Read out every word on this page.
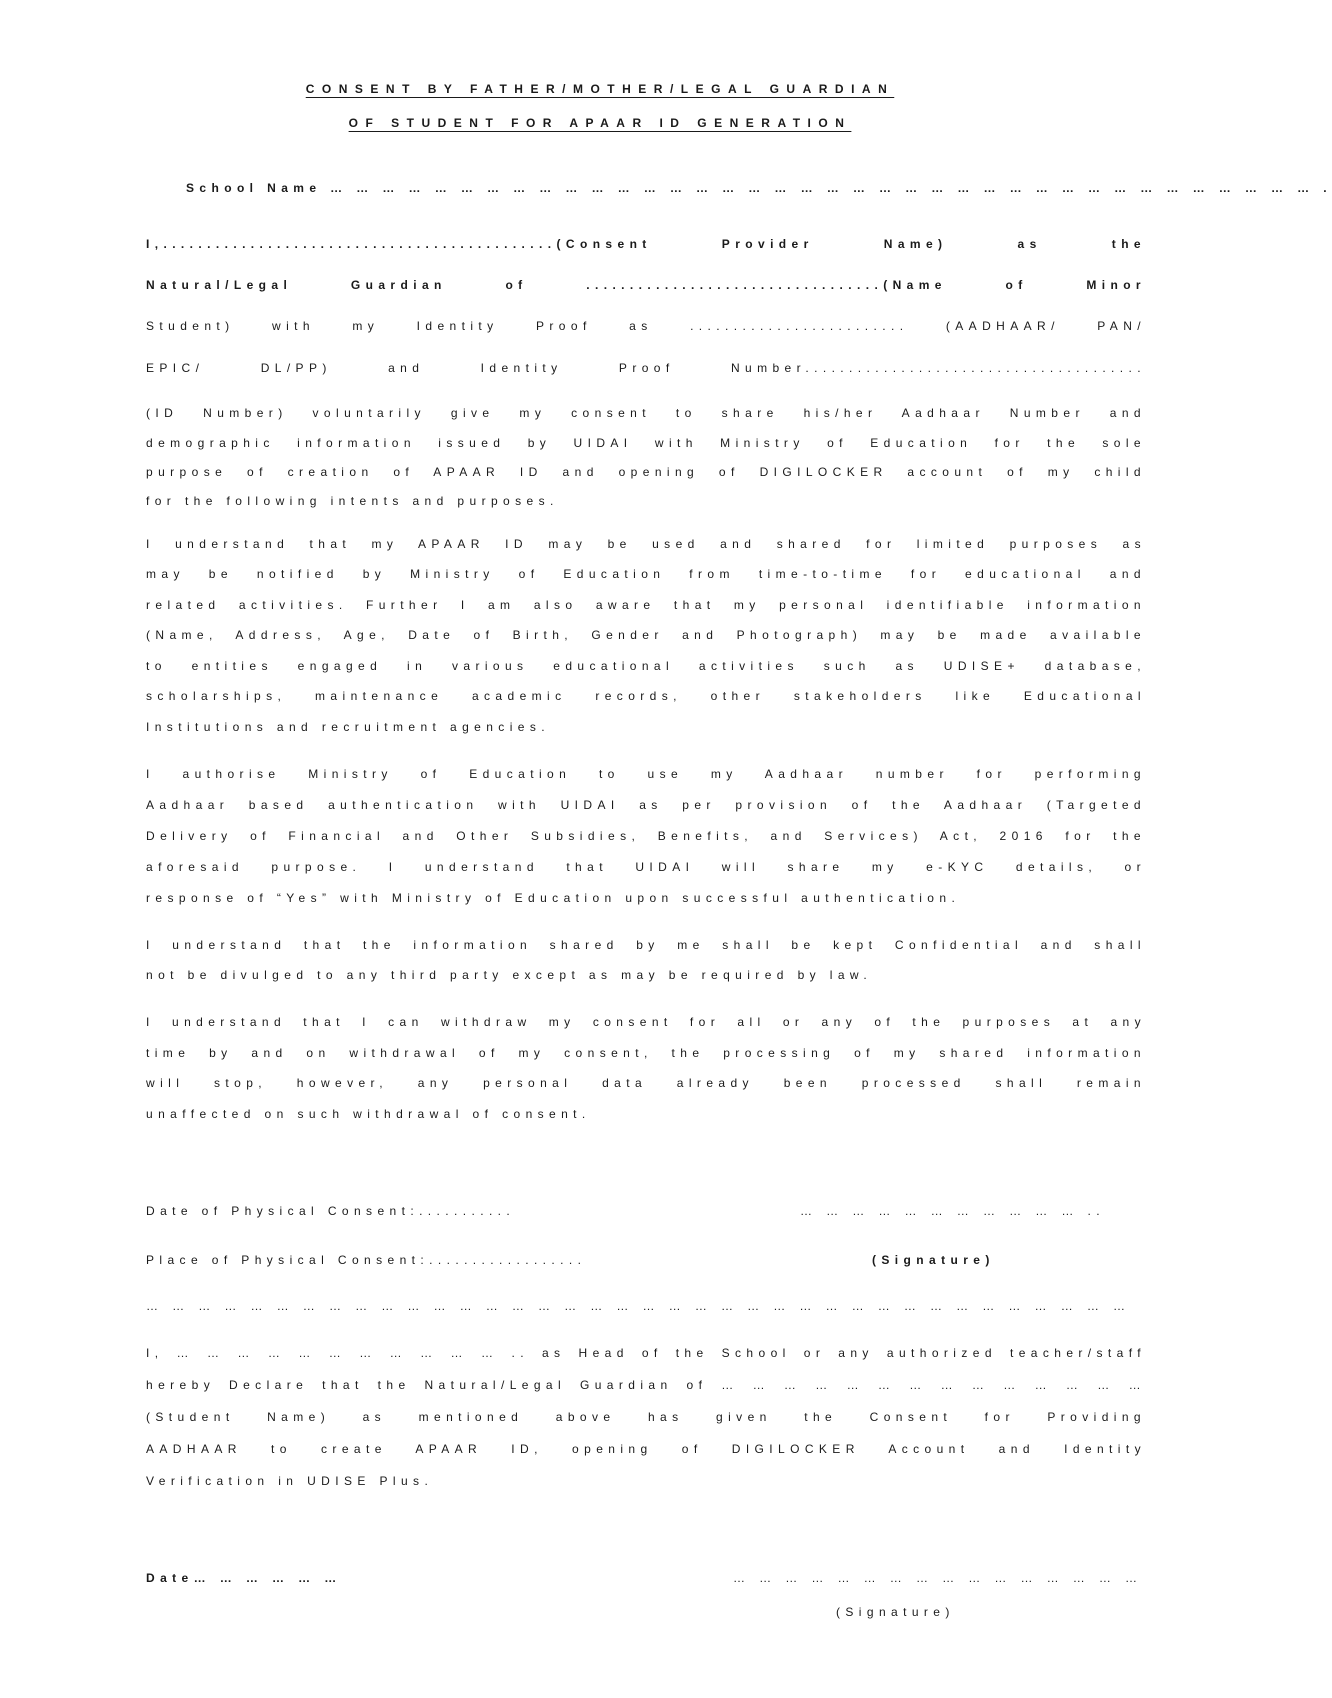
CONSENT BY FATHER/MOTHER/LEGAL GUARDIAN
OF STUDENT FOR APAAR ID GENERATION
School Name … … … … … … … … … … … … … … … … … … … … … … … … … … … … … … … … … … … … … … .
I,.............................................(Consent Provider Name) as the
Natural/Legal Guardian of ..................................(Name of Minor
Student) with my Identity Proof as ......................... (AADHAAR/ PAN/
EPIC/ DL/PP) and Identity Proof Number.......................................
(ID Number) voluntarily give my consent to share his/her Aadhaar Number and
demographic information issued by UIDAI with Ministry of Education for the sole
purpose of creation of APAAR ID and opening of DIGILOCKER account of my child
for the following intents and purposes.
I understand that my APAAR ID may be used and shared for limited purposes as
may be notified by Ministry of Education from time-to-time for educational and
related activities. Further I am also aware that my personal identifiable information
(Name, Address, Age, Date of Birth, Gender and Photograph) may be made available
to entities engaged in various educational activities such as UDISE+ database,
scholarships, maintenance academic records, other stakeholders like Educational
Institutions and recruitment agencies.
I authorise Ministry of Education to use my Aadhaar number for performing
Aadhaar based authentication with UIDAI as per provision of the Aadhaar (Targeted
Delivery of Financial and Other Subsidies, Benefits, and Services) Act, 2016 for the
aforesaid purpose. I understand that UIDAI will share my e-KYC details, or
response of “Yes” with Ministry of Education upon successful authentication.
I understand that the information shared by me shall be kept Confidential and shall
not be divulged to any third party except as may be required by law.
I understand that I can withdraw my consent for all or any of the purposes at any
time by and on withdrawal of my consent, the processing of my shared information
will stop, however, any personal data already been processed shall remain
unaffected on such withdrawal of consent.
Date of Physical Consent:...........	… … … … … … … … … … … ..
Place of Physical Consent:..................	(Signature)
… … … … … … … … … … … … … … … … … … … … … … … … … … … … … … … … … … … … … …
I, … … … … … … … … … … … .. as Head of the School or any authorized teacher/staff
hereby Declare that the Natural/Legal Guardian of … … … … … … … … … … … … … …
(Student Name) as mentioned above has given the Consent for Providing
AADHAAR to create APAAR ID, opening of DIGILOCKER Account and Identity
Verification in UDISE Plus.
Date… … … … … …	… … … … … … … … … … … … … … … …
(Signature)
